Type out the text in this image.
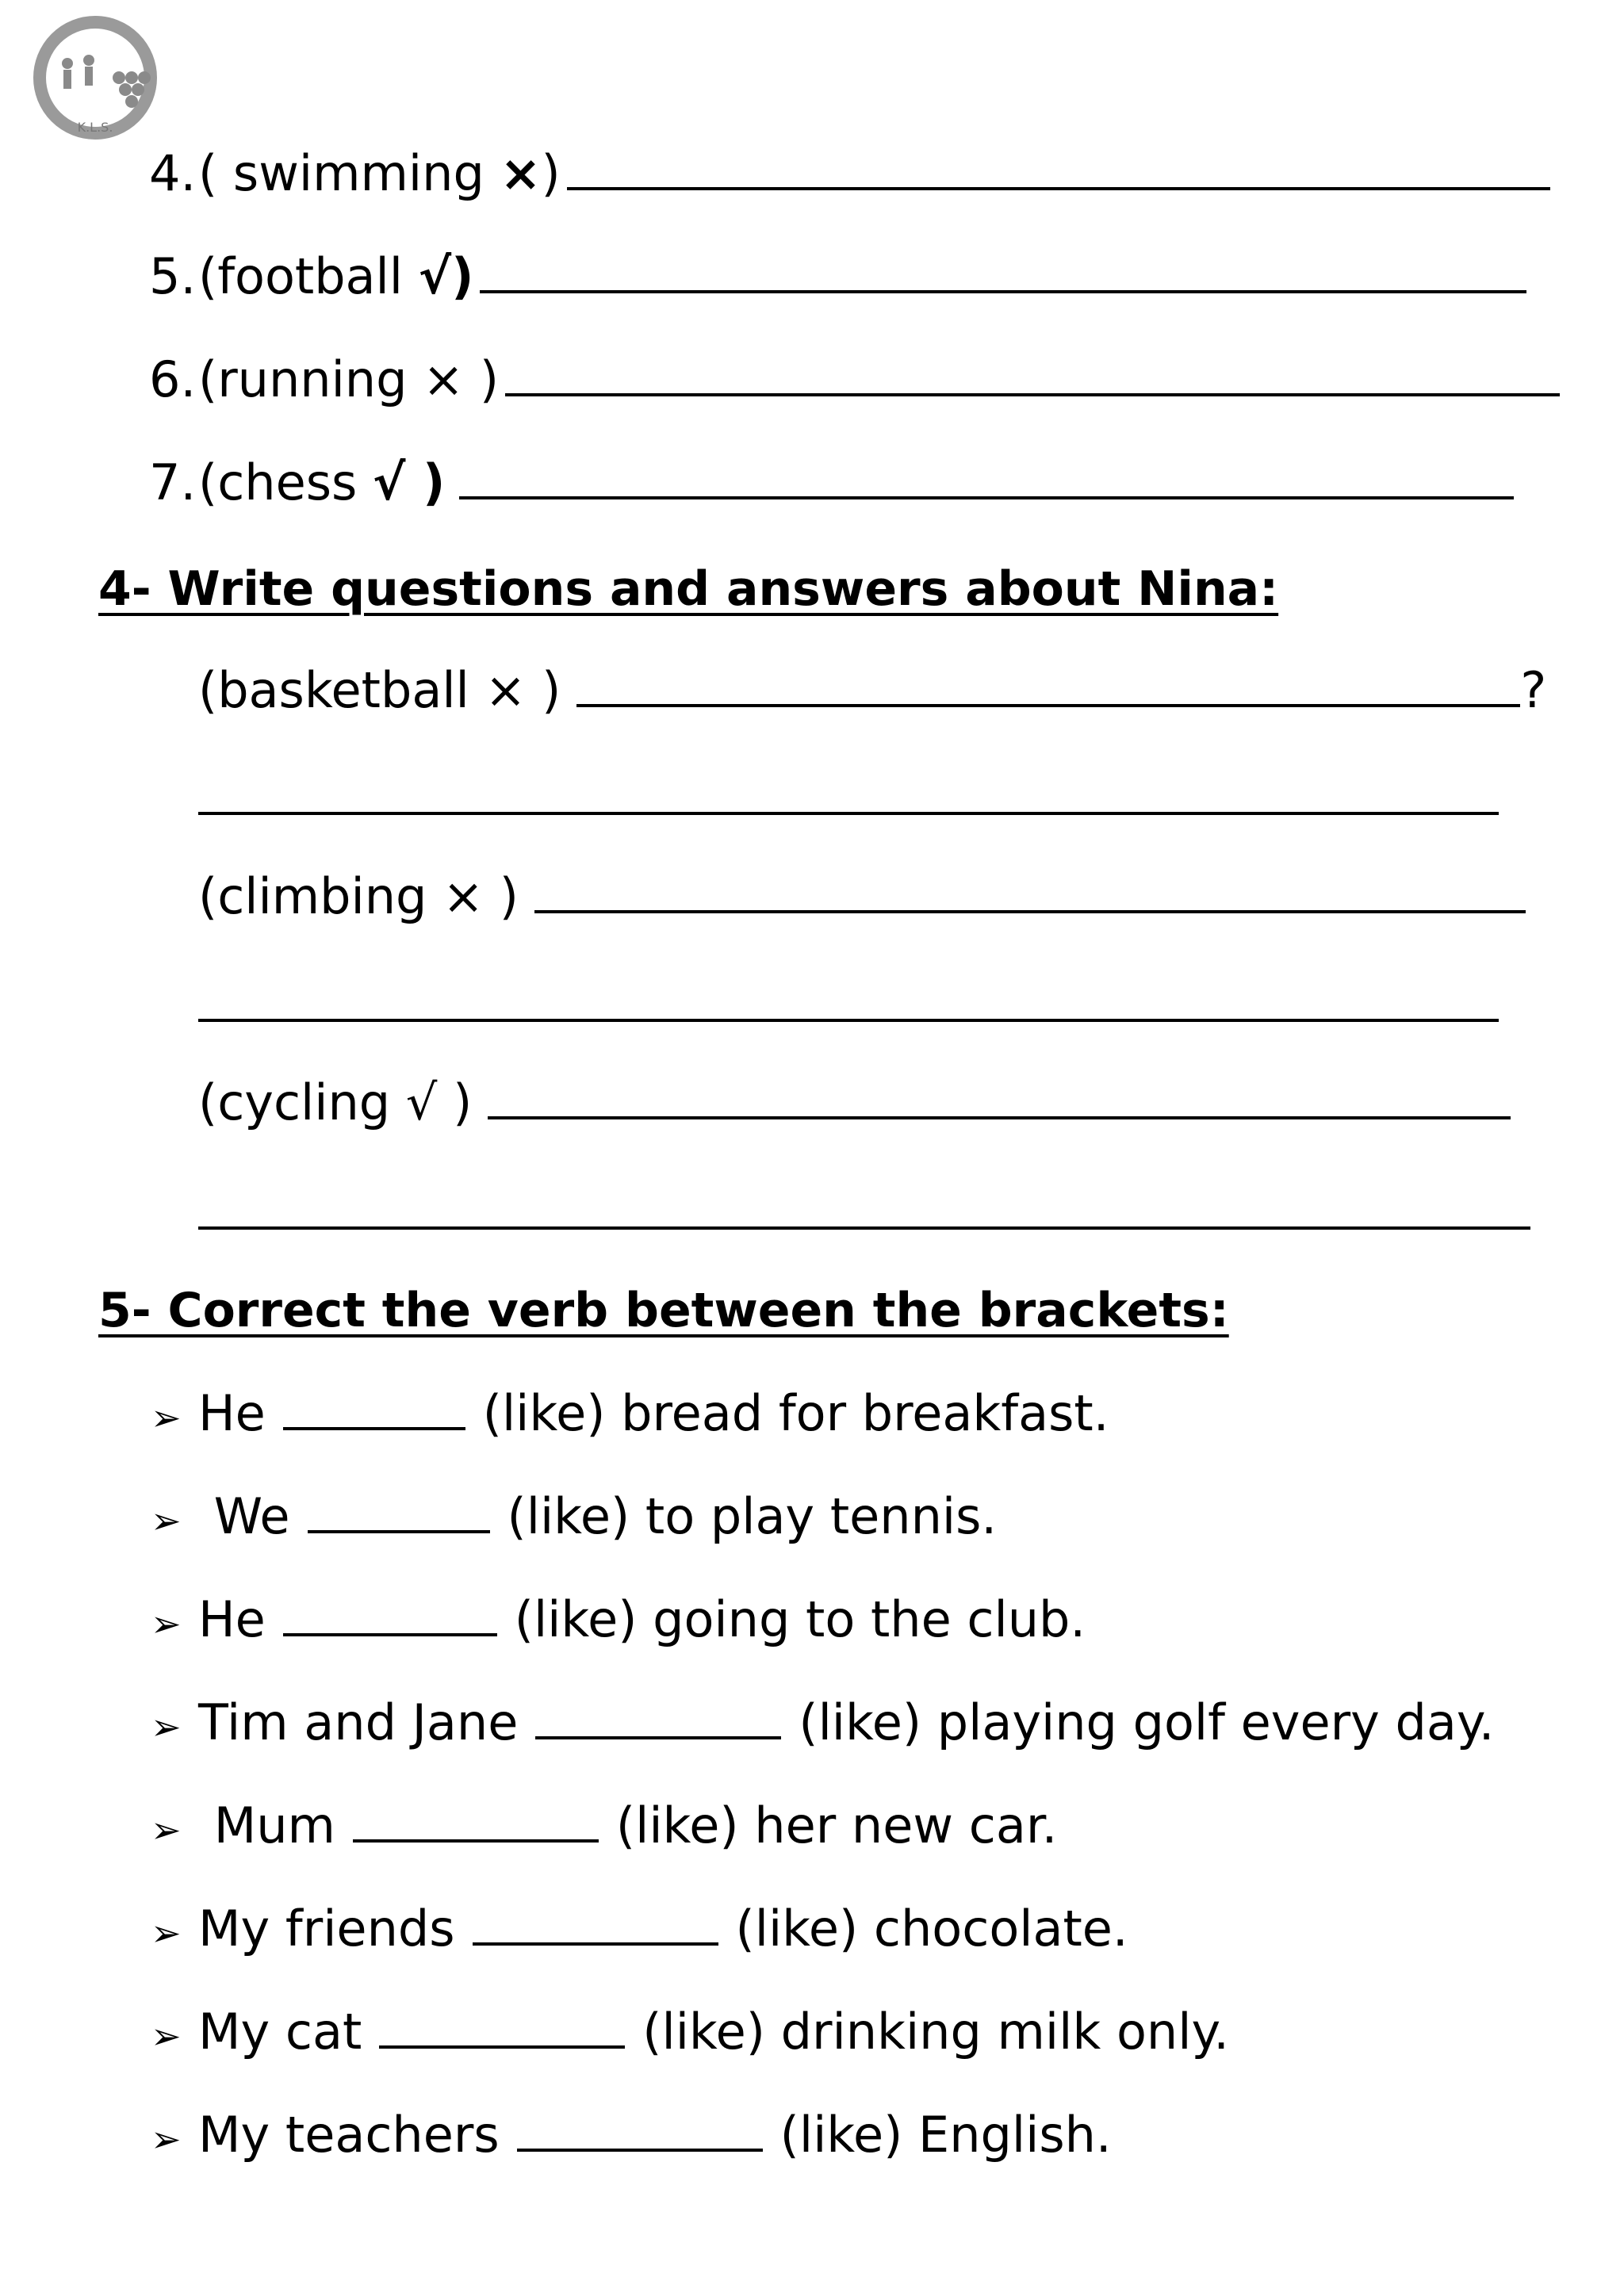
K.L.S.
4. ( swimming × )
5. (football √ )
6. (running × )
7. (chess √ )
4- Write questions and answers about Nina:
(basketball × )	?
(climbing × )
(cycling √ )
5- Correct the verb between the brackets:
➢ He	(like) bread for breakfast.
➢ We	(like) to play tennis.
➢ He	(like) going to the club.
➢ Tim and Jane	(like) playing golf every day.
➢ Mum	(like) her new car.
➢ My friends	(like) chocolate.
➢ My cat	(like) drinking milk only.
➢ My teachers	(like) English.
